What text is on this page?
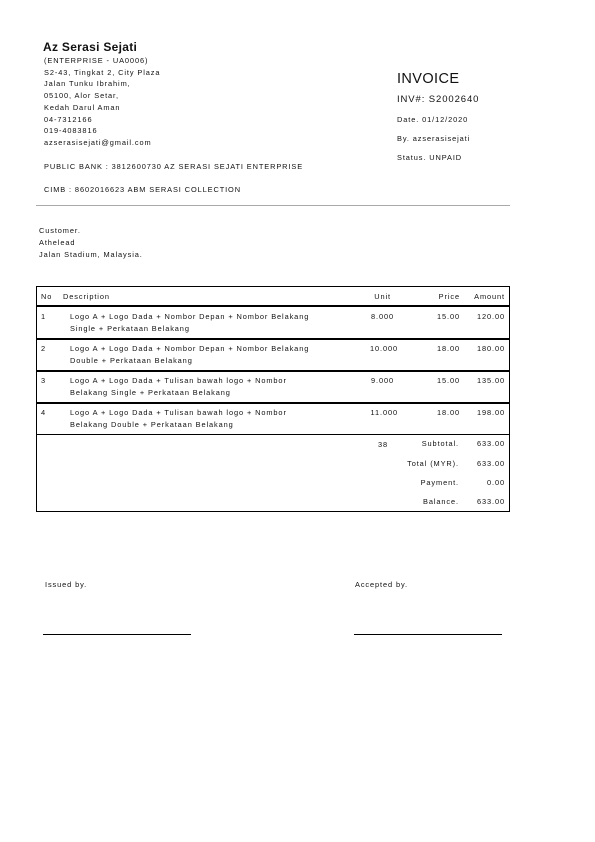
Az Serasi Sejati
(ENTERPRISE - UA0006)
S2-43, Tingkat 2, City Plaza
Jalan Tunku Ibrahim,
05100, Alor Setar,
Kedah Darul Aman
04-7312166
019-4083816
azserasisejati@gmail.com
PUBLIC BANK : 3812600730 AZ SERASI SEJATI ENTERPRISE
CIMB : 8602016623 ABM SERASI COLLECTION
INVOICE
INV#: S2002640
Date. 01/12/2020
By. azserasisejati
Status. UNPAID
Customer.
Athelead
Jalan Stadium, Malaysia.
No Description	Unit	Price	Amount
1	Logo A + Logo Dada + Nombor Depan + Nombor Belakang
Single + Perkataan Belakang
8.000	15.00	120.00
2	Logo A + Logo Dada + Nombor Depan + Nombor Belakang
Double + Perkataan Belakang
10.000	18.00	180.00
3	Logo A + Logo Dada + Tulisan bawah logo + Nombor
Belakang Single + Perkataan Belakang
9.000	15.00	135.00
4	Logo A + Logo Dada + Tulisan bawah logo + Nombor
Belakang Double + Perkataan Belakang
11.000	18.00	198.00
38	Subtotal.	633.00
Total (MYR).	633.00
Payment.	0.00
Balance.	633.00
Issued by.	Accepted by.
